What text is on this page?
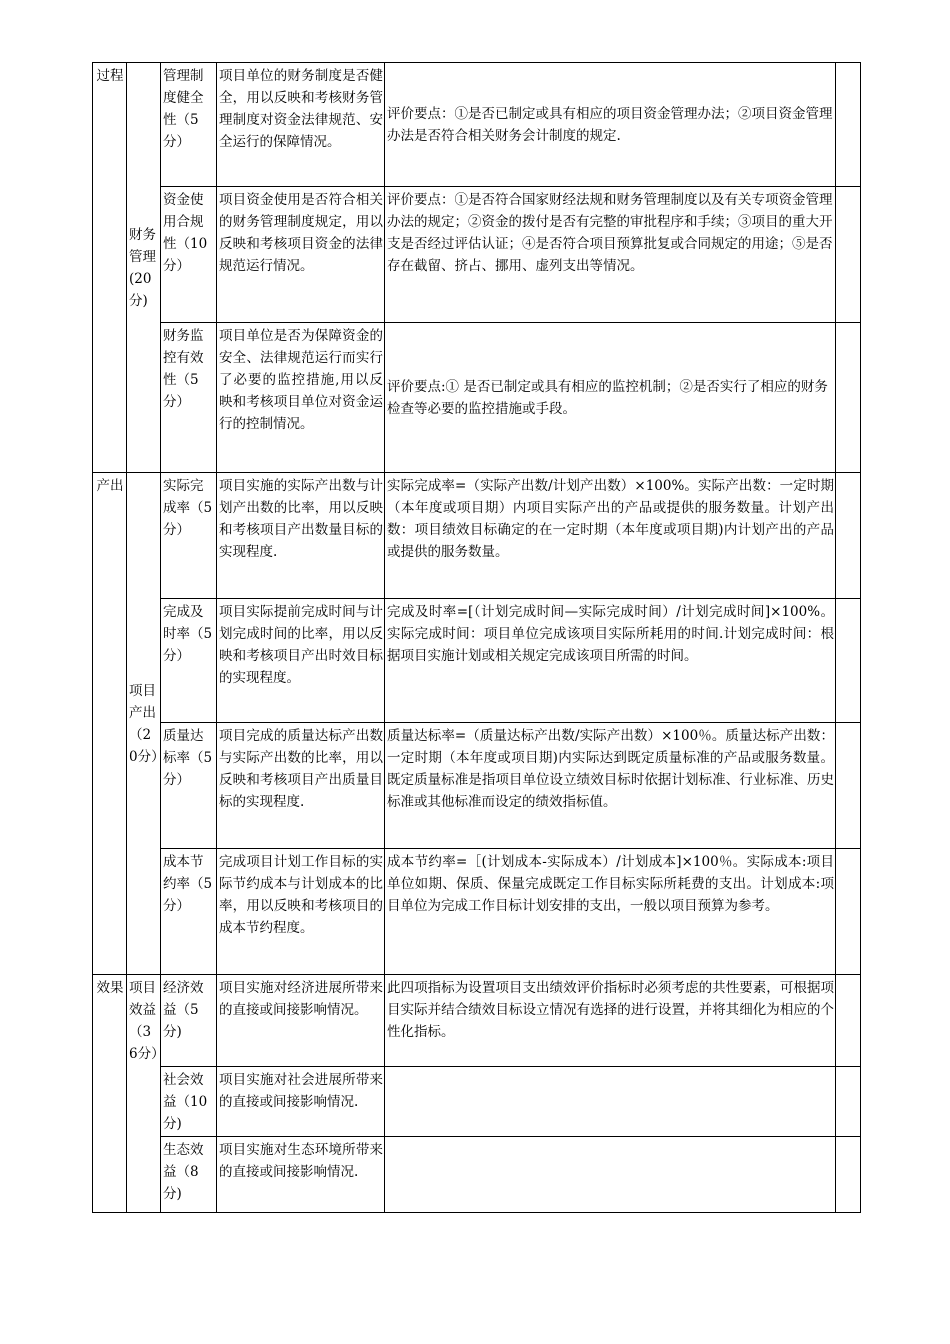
过程	财务管理(20分)	管理制度健全性（5分）	项目单位的财务制度是否健全，用以反映和考核财务管理制度对资金法律规范、安全运行的保障情况。	评价要点：①是否已制定或具有相应的项目资金管理办法；②项目资金管理办法是否符合相关财务会计制度的规定.	
		资金使用合规性（10分）	项目资金使用是否符合相关的财务管理制度规定，用以反映和考核项目资金的法律规范运行情况。	评价要点：①是否符合国家财经法规和财务管理制度以及有关专项资金管理办法的规定；②资金的拨付是否有完整的审批程序和手续；③项目的重大开支是否经过评估认证；④是否符合项目预算批复或合同规定的用途；⑤是否存在截留、挤占、挪用、虚列支出等情况。	
		财务监控有效性（5分）	项目单位是否为保障资金的安全、法律规范运行而实行了必要的监控措施,用以反映和考核项目单位对资金运行的控制情况。	评价要点:① 是否已制定或具有相应的监控机制；②是否实行了相应的财务检查等必要的监控措施或手段。	
产出	项目产出（20分）	实际完成率（5分）	项目实施的实际产出数与计划产出数的比率，用以反映和考核项目产出数量目标的实现程度.	实际完成率=（实际产出数/计划产出数）×100%。实际产出数：一定时期（本年度或项目期）内项目实际产出的产品或提供的服务数量。计划产出数：项目绩效目标确定的在一定时期（本年度或项目期)内计划产出的产品或提供的服务数量。	
		完成及时率（5分）	项目实际提前完成时间与计划完成时间的比率，用以反映和考核项目产出时效目标的实现程度。	完成及时率=[（计划完成时间—实际完成时间）/计划完成时间]×100%。实际完成时间：项目单位完成该项目实际所耗用的时间.计划完成时间：根据项目实施计划或相关规定完成该项目所需的时间。	
		质量达标率（5分）	项目完成的质量达标产出数与实际产出数的比率，用以反映和考核项目产出质量目标的实现程度.	质量达标率=（质量达标产出数/实际产出数）×100％。质量达标产出数：一定时期（本年度或项目期)内实际达到既定质量标准的产品或服务数量。既定质量标准是指项目单位设立绩效目标时依据计划标准、行业标准、历史标准或其他标准而设定的绩效指标值。	
		成本节约率（5分）	完成项目计划工作目标的实际节约成本与计划成本的比率，用以反映和考核项目的成本节约程度。	成本节约率=［(计划成本-实际成本）/计划成本]×100％。实际成本:项目单位如期、保质、保量完成既定工作目标实际所耗费的支出。计划成本:项目单位为完成工作目标计划安排的支出，一般以项目预算为参考。	
效果	项目效益（36分）	经济效益（5分)	项目实施对经济进展所带来的直接或间接影响情况。	此四项指标为设置项目支出绩效评价指标时必须考虑的共性要素，可根据项目实际并结合绩效目标设立情况有选择的进行设置，并将其细化为相应的个性化指标。	
		社会效益（10分)	项目实施对社会进展所带来的直接或间接影响情况.		
		生态效益（8分)	项目实施对生态环境所带来的直接或间接影响情况.		
